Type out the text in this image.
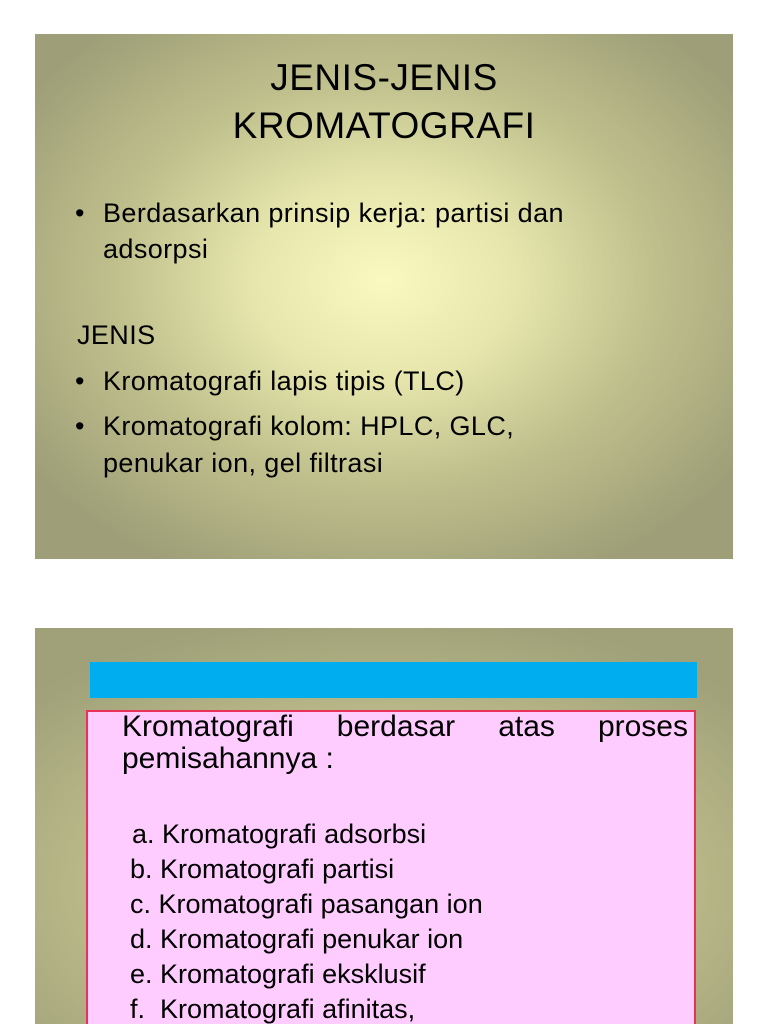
JENIS-JENIS
KROMATOGRAFI
• Berdasarkan prinsip kerja: partisi dan
adsorpsi
JENIS
• Kromatografi lapis tipis (TLC)
• Kromatografi kolom: HPLC, GLC,
penukar ion, gel filtrasi
Kromatografi berdasar atas proses
pemisahannya :
a. Kromatografi adsorbsi
b. Kromatografi partisi
c. Kromatografi pasangan ion
d. Kromatografi penukar ion
e. Kromatografi eksklusif
f.  Kromatografi afinitas,
